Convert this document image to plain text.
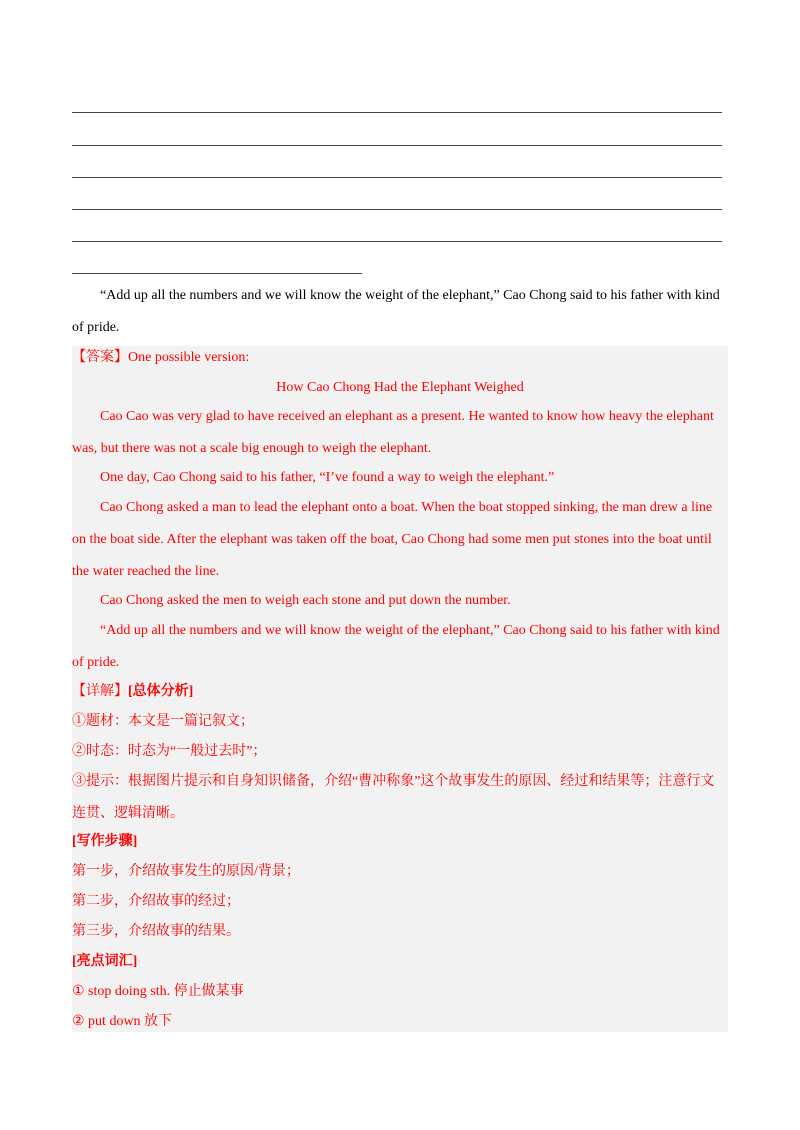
“Add up all the numbers and we will know the weight of the elephant,” Cao Chong said to his father with kind of pride.
【答案】One possible version:
How Cao Chong Had the Elephant Weighed
Cao Cao was very glad to have received an elephant as a present. He wanted to know how heavy the elephant was, but there was not a scale big enough to weigh the elephant.
One day, Cao Chong said to his father, “I’ve found a way to weigh the elephant.”
Cao Chong asked a man to lead the elephant onto a boat. When the boat stopped sinking, the man drew a line on the boat side. After the elephant was taken off the boat, Cao Chong had some men put stones into the boat until the water reached the line.
Cao Chong asked the men to weigh each stone and put down the number.
“Add up all the numbers and we will know the weight of the elephant,” Cao Chong said to his father with kind of pride.
【详解】[总体分析]
①题材：本文是一篇记叙文；
②时态：时态为“一般过去时”；
③提示：根据图片提示和自身知识储备，介绍“曹冲称象”这个故事发生的原因、经过和结果等；注意行文连贯、逻辑清晰。
[写作步骤]
第一步，介绍故事发生的原因/背景；
第二步，介绍故事的经过；
第三步，介绍故事的结果。
[亮点词汇]
① stop doing sth. 停止做某事
② put down 放下
